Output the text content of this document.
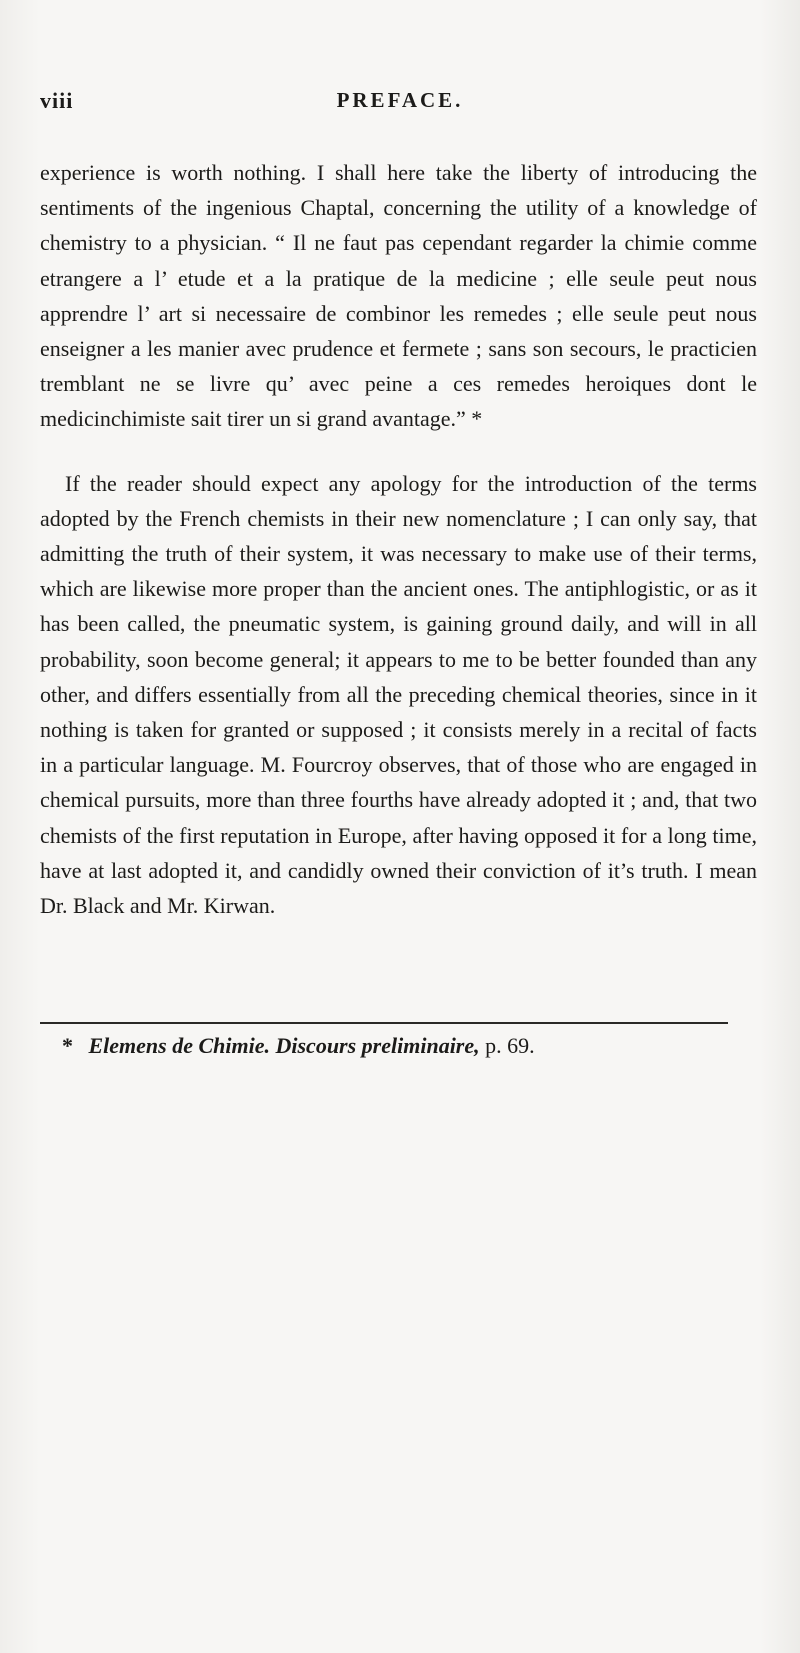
viii	PREFACE.

experience is worth nothing. I shall here take the liberty of introducing the sentiments of the ingenious Chaptal, concerning the utility of a knowledge of chemistry to a physician. “ Il ne faut pas cependant regarder la chimie comme etrangere a l’ etude et a la pratique de la medicine ; elle seule peut nous apprendre l’ art si necessaire de combinor les remedes ; elle seule peut nous enseigner a les manier avec prudence et fermete ; sans son secours, le practicien tremblant ne se livre qu’ avec peine a ces remedes heroiques dont le medicinchimiste sait tirer un si grand avantage.” *

If the reader should expect any apology for the introduction of the terms adopted by the French chemists in their new nomenclature ; I can only say, that admitting the truth of their system, it was necessary to make use of their terms, which are likewise more proper than the ancient ones. The antiphlogistic, or as it has been called, the pneumatic system, is gaining ground daily, and will in all probability, soon become general; it appears to me to be better founded than any other, and differs essentially from all the preceding chemical theories, since in it nothing is taken for granted or supposed ; it consists merely in a recital of facts in a particular language. M. Fourcroy observes, that of those who are engaged in chemical pursuits, more than three fourths have already adopted it ; and, that two chemists of the first reputation in Europe, after having opposed it for a long time, have at last adopted it, and candidly owned their conviction of it’s truth. I mean Dr. Black and Mr. Kirwan.

* Elemens de Chimie. Discours preliminaire, p. 69.
